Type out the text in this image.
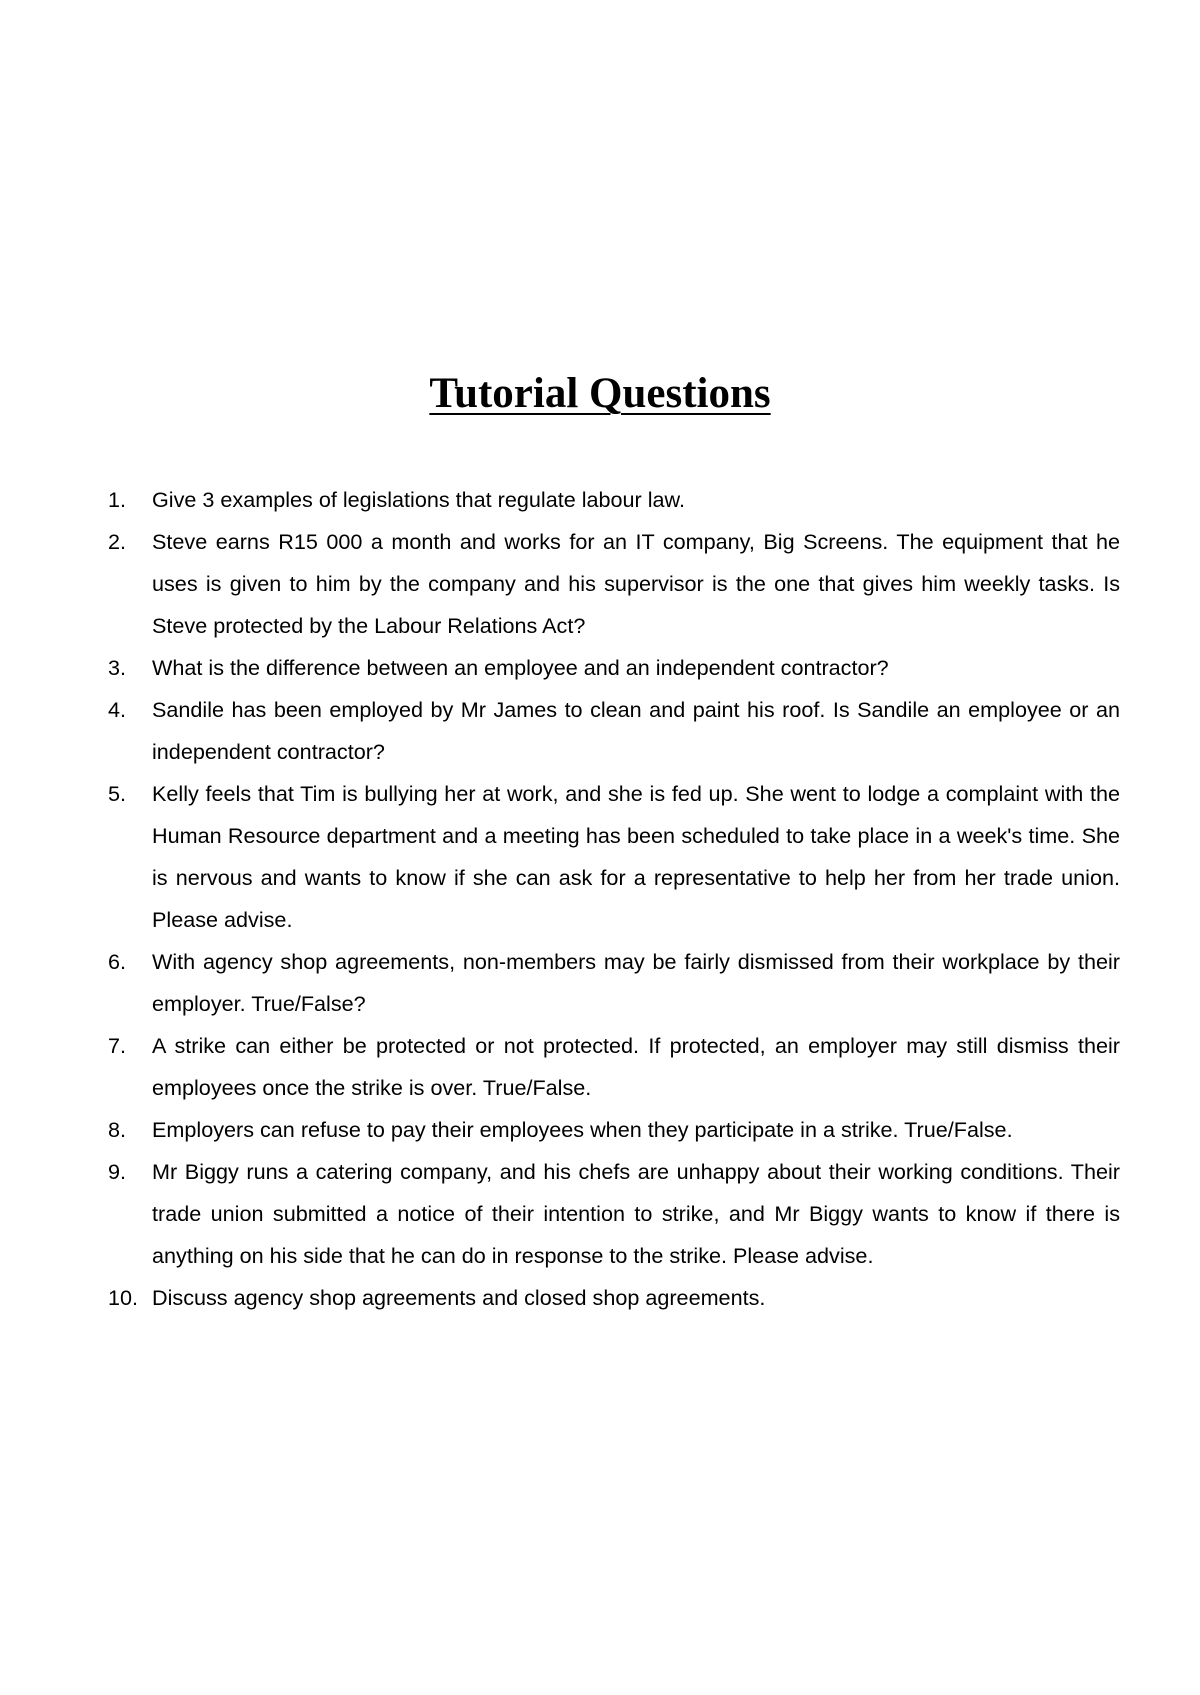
Tutorial Questions
1.	Give 3 examples of legislations that regulate labour law.
2.	Steve earns R15 000 a month and works for an IT company, Big Screens. The equipment that he uses is given to him by the company and his supervisor is the one that gives him weekly tasks. Is Steve protected by the Labour Relations Act?
3.	What is the difference between an employee and an independent contractor?
4.	Sandile has been employed by Mr James to clean and paint his roof. Is Sandile an employee or an independent contractor?
5.	Kelly feels that Tim is bullying her at work, and she is fed up. She went to lodge a complaint with the Human Resource department and a meeting has been scheduled to take place in a week's time. She is nervous and wants to know if she can ask for a representative to help her from her trade union. Please advise.
6.	With agency shop agreements, non-members may be fairly dismissed from their workplace by their employer. True/False?
7.	A strike can either be protected or not protected. If protected, an employer may still dismiss their employees once the strike is over. True/False.
8.	Employers can refuse to pay their employees when they participate in a strike. True/False.
9.	Mr Biggy runs a catering company, and his chefs are unhappy about their working conditions. Their trade union submitted a notice of their intention to strike, and Mr Biggy wants to know if there is anything on his side that he can do in response to the strike. Please advise.
10. Discuss agency shop agreements and closed shop agreements.
